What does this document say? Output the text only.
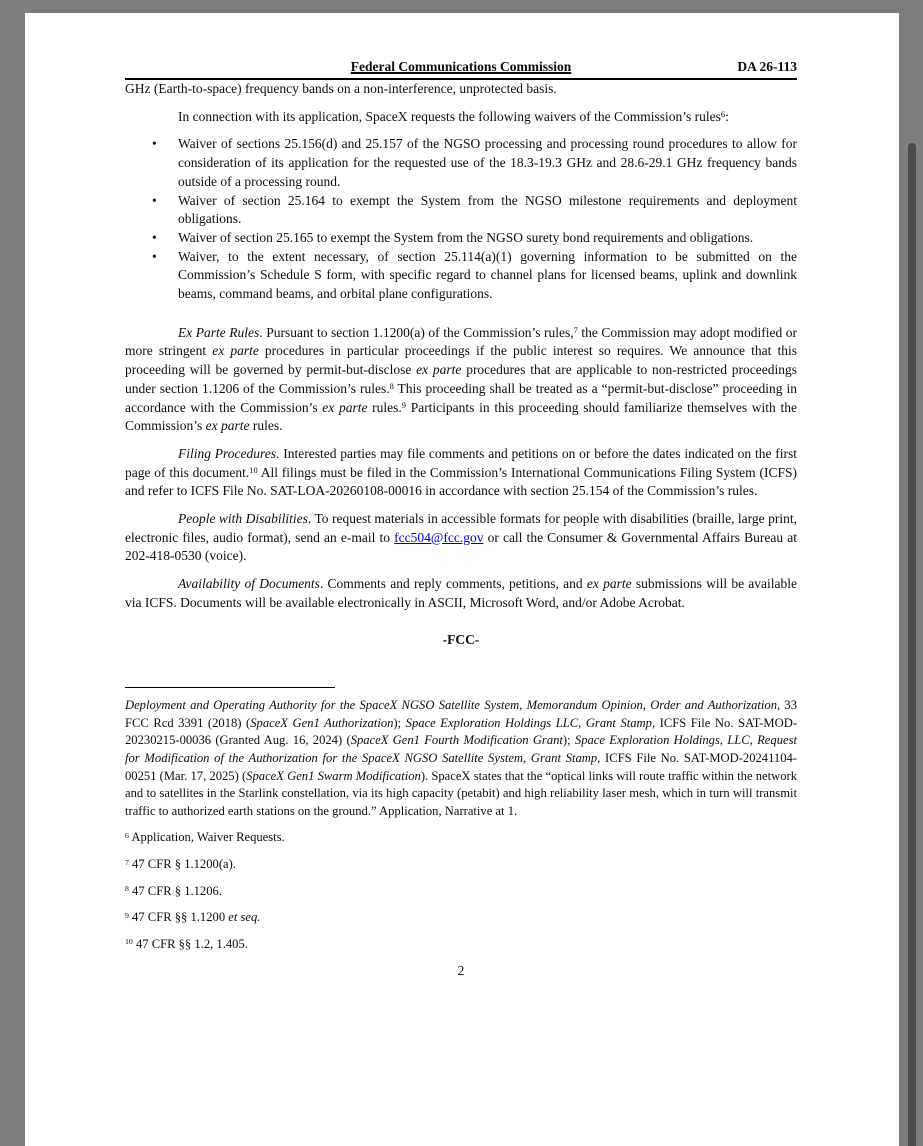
Federal Communications Commission	DA 26-113

GHz (Earth-to-space) frequency bands on a non-interference, unprotected basis.

In connection with its application, SpaceX requests the following waivers of the Commission’s rules$^6$:

• Waiver of sections 25.156(d) and 25.157 of the NGSO processing and processing round procedures to allow for consideration of its application for the requested use of the 18.3-19.3 GHz and 28.6-29.1 GHz frequency bands outside of a processing round.
• Waiver of section 25.164 to exempt the System from the NGSO milestone requirements and deployment obligations.
• Waiver of section 25.165 to exempt the System from the NGSO surety bond requirements and obligations.
• Waiver, to the extent necessary, of section 25.114(a)(1) governing information to be submitted on the Commission’s Schedule S form, with specific regard to channel plans for licensed beams, uplink and downlink beams, command beams, and orbital plane configurations.

Ex Parte Rules. Pursuant to section 1.1200(a) of the Commission’s rules,$^7$ the Commission may adopt modified or more stringent ex parte procedures in particular proceedings if the public interest so requires. We announce that this proceeding will be governed by permit-but-disclose ex parte procedures that are applicable to non-restricted proceedings under section 1.1206 of the Commission’s rules.$^8$ This proceeding shall be treated as a “permit-but-disclose” proceeding in accordance with the Commission’s ex parte rules.$^9$ Participants in this proceeding should familiarize themselves with the Commission’s ex parte rules.

Filing Procedures. Interested parties may file comments and petitions on or before the dates indicated on the first page of this document.$^{10}$ All filings must be filed in the Commission’s International Communications Filing System (ICFS) and refer to ICFS File No. SAT-LOA-20260108-00016 in accordance with section 25.154 of the Commission’s rules.

People with Disabilities. To request materials in accessible formats for people with disabilities (braille, large print, electronic files, audio format), send an e-mail to fcc504@fcc.gov or call the Consumer & Governmental Affairs Bureau at 202-418-0530 (voice).

Availability of Documents. Comments and reply comments, petitions, and ex parte submissions will be available via ICFS. Documents will be available electronically in ASCII, Microsoft Word, and/or Adobe Acrobat.

-FCC-

Deployment and Operating Authority for the SpaceX NGSO Satellite System, Memorandum Opinion, Order and Authorization, 33 FCC Rcd 3391 (2018) (SpaceX Gen1 Authorization); Space Exploration Holdings LLC, Grant Stamp, ICFS File No. SAT-MOD-20230215-00036 (Granted Aug. 16, 2024) (SpaceX Gen1 Fourth Modification Grant); Space Exploration Holdings, LLC, Request for Modification of the Authorization for the SpaceX NGSO Satellite System, Grant Stamp, ICFS File No. SAT-MOD-20241104-00251 (Mar. 17, 2025) (SpaceX Gen1 Swarm Modification). SpaceX states that the “optical links will route traffic within the network and to satellites in the Starlink constellation, via its high capacity (petabit) and high reliability laser mesh, which in turn will transmit traffic to authorized earth stations on the ground.” Application, Narrative at 1.

$^6$ Application, Waiver Requests.

$^7$ 47 CFR § 1.1200(a).

$^8$ 47 CFR § 1.1206.

$^9$ 47 CFR §§ 1.1200 et seq.

$^{10}$ 47 CFR §§ 1.2, 1.405.

2
